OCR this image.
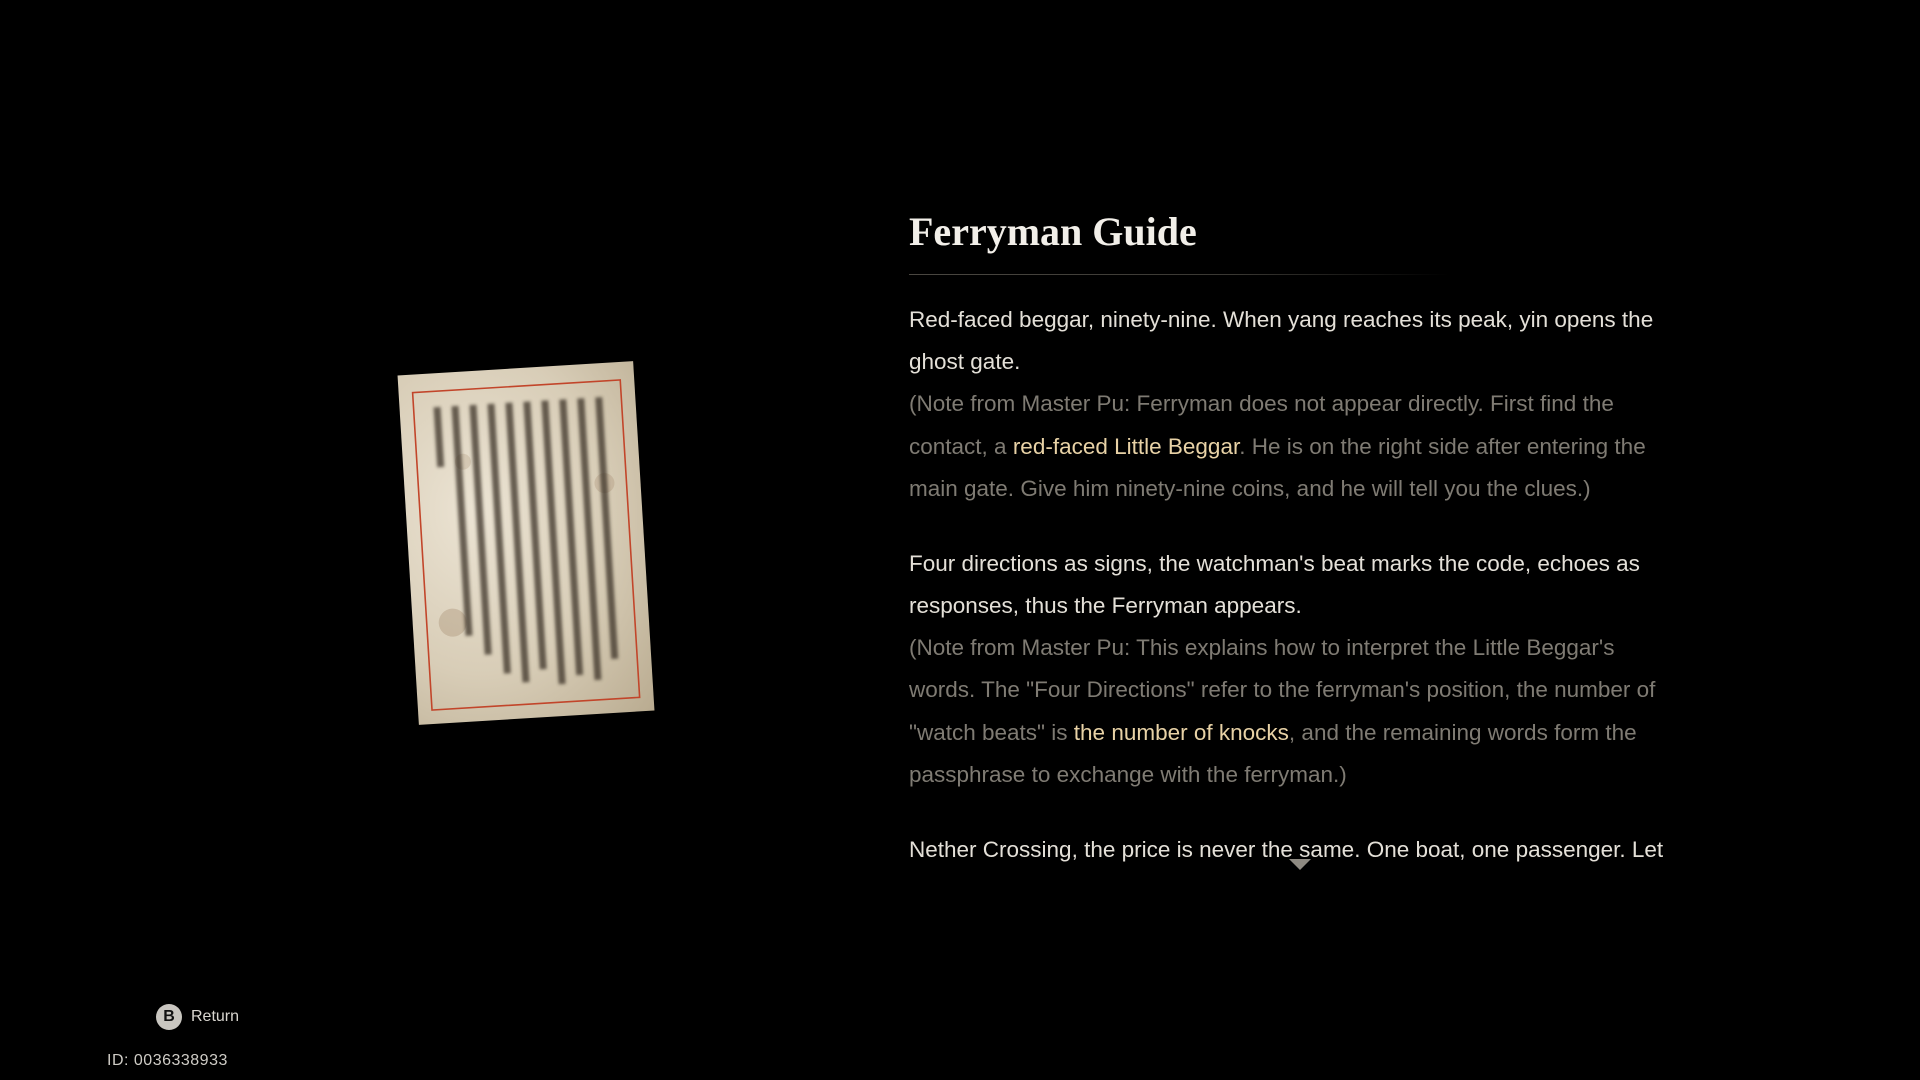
Ferryman Guide

Red-faced beggar, ninety-nine. When yang reaches its peak, yin opens the ghost gate.

(Note from Master Pu: Ferryman does not appear directly. First find the contact, a red-faced Little Beggar. He is on the right side after entering the main gate. Give him ninety-nine coins, and he will tell you the clues.)

Four directions as signs, the watchman's beat marks the code, echoes as responses, thus the Ferryman appears.

(Note from Master Pu: This explains how to interpret the Little Beggar's words. The "Four Directions" refer to the ferryman's position, the number of "watch beats" is the number of knocks, and the remaining words form the passphrase to exchange with the ferryman.)

Nether Crossing, the price is never the same. One boat, one passenger. Let

B	Return
ID: 0036338933
